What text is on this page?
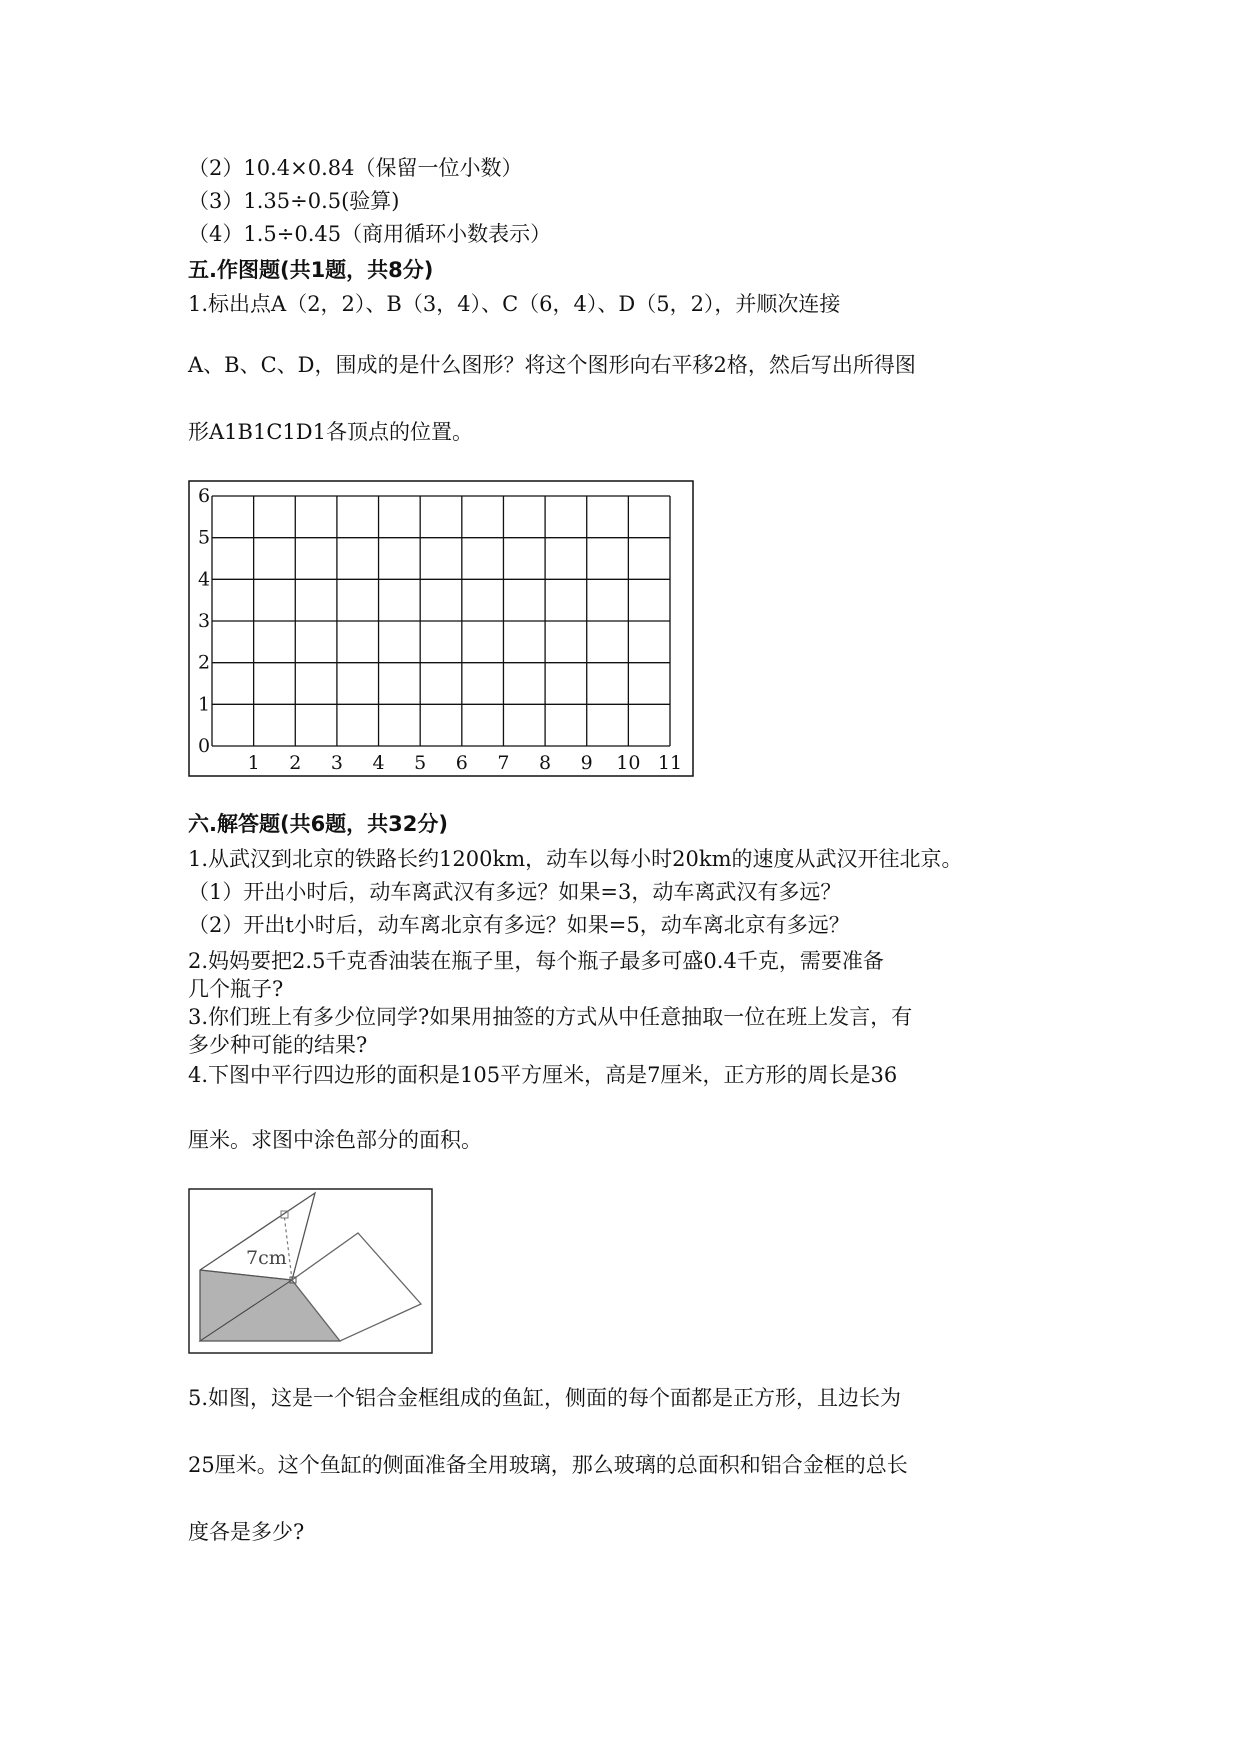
（2）10.4×0.84（保留一位小数）
（3）1.35÷0.5(验算)
（4）1.5÷0.45（商用循环小数表示）
五.作图题(共1题，共8分)
1.标出点A（2，2）、B（3，4）、C（6，4）、D（5，2），并顺次连接
A、B、C、D，围成的是什么图形？将这个图形向右平移2格，然后写出所得图
形A1B1C1D1各顶点的位置。
0
1
2
3
4
5
6
1 2 3 4 5 6 7 8 9 10 11
六.解答题(共6题，共32分)
1.从武汉到北京的铁路长约1200km，动车以每小时20km的速度从武汉开往北京。
（1）开出小时后，动车离武汉有多远？如果=3，动车离武汉有多远？
（2）开出t小时后，动车离北京有多远？如果=5，动车离北京有多远？
2.妈妈要把2.5千克香油装在瓶子里，每个瓶子最多可盛0.4千克，需要准备
几个瓶子?
3.你们班上有多少位同学?如果用抽签的方式从中任意抽取一位在班上发言，有
多少种可能的结果?
4.下图中平行四边形的面积是105平方厘米，高是7厘米，正方形的周长是36
厘米。求图中涂色部分的面积。
7cm
5.如图，这是一个铝合金框组成的鱼缸，侧面的每个面都是正方形，且边长为
25厘米。这个鱼缸的侧面准备全用玻璃，那么玻璃的总面积和铝合金框的总长
度各是多少?
